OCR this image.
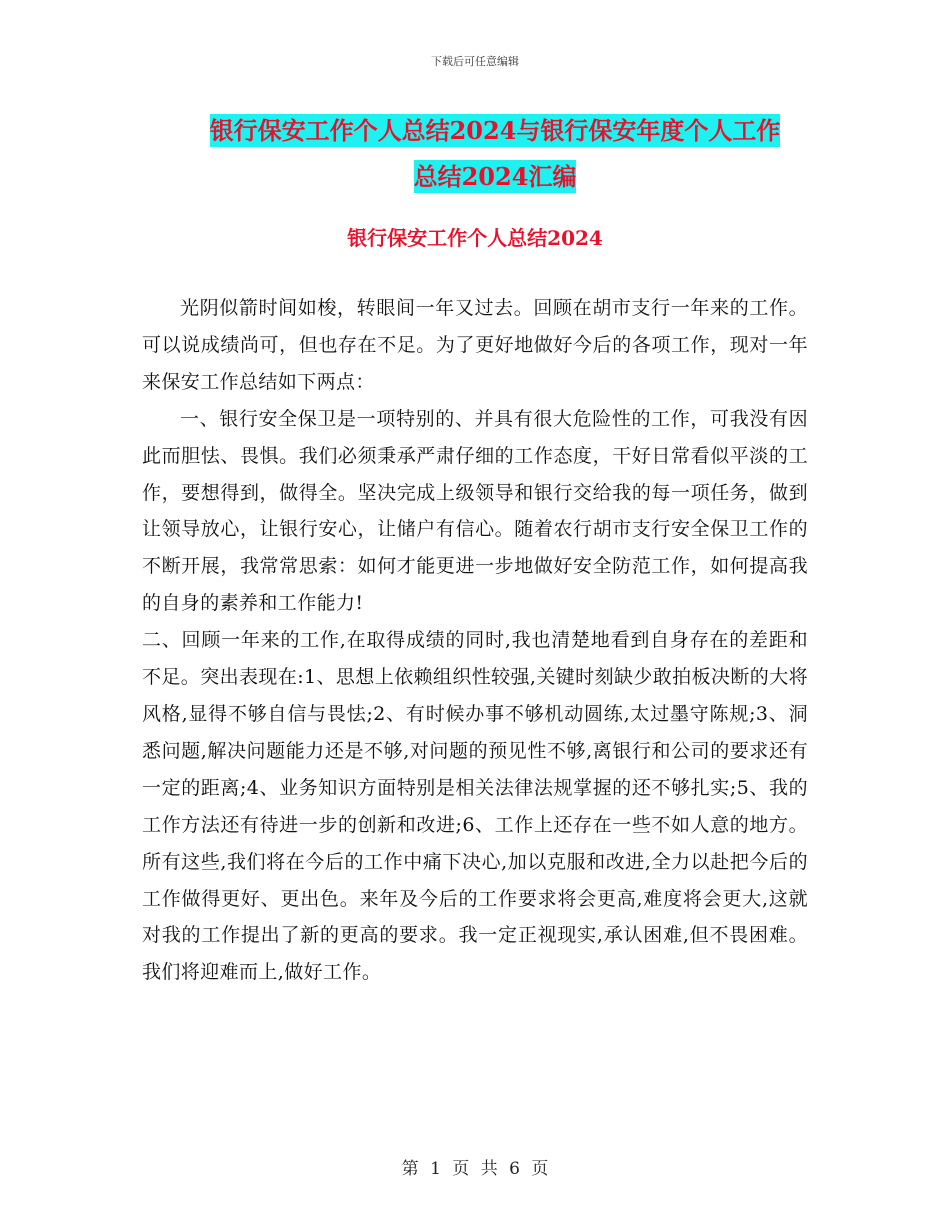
下载后可任意编辑
银行保安工作个人总结2024与银行保安年度个人工作
总结2024汇编
银行保安工作个人总结2024

光阴似箭时间如梭，转眼间一年又过去。回顾在胡市支行一年来的工作。可以说成绩尚可，但也存在不足。为了更好地做好今后的各项工作，现对一年来保安工作总结如下两点：

一、银行安全保卫是一项特别的、并具有很大危险性的工作，可我没有因此而胆怯、畏惧。我们必须秉承严肃仔细的工作态度，干好日常看似平淡的工作，要想得到，做得全。坚决完成上级领导和银行交给我的每一项任务，做到让领导放心，让银行安心，让储户有信心。随着农行胡市支行安全保卫工作的不断开展，我常常思索：如何才能更进一步地做好安全防范工作，如何提高我的自身的素养和工作能力!

二、回顾一年来的工作,在取得成绩的同时,我也清楚地看到自身存在的差距和不足。突出表现在:1、思想上依赖组织性较强,关键时刻缺少敢拍板决断的大将风格,显得不够自信与畏怯;2、有时候办事不够机动圆练,太过墨守陈规;3、洞悉问题,解决问题能力还是不够,对问题的预见性不够,离银行和公司的要求还有一定的距离;4、业务知识方面特别是相关法律法规掌握的还不够扎实;5、我的工作方法还有待进一步的创新和改进;6、工作上还存在一些不如人意的地方。所有这些,我们将在今后的工作中痛下决心,加以克服和改进,全力以赴把今后的工作做得更好、更出色。来年及今后的工作要求将会更高,难度将会更大,这就对我的工作提出了新的更高的要求。我一定正视现实,承认困难,但不畏困难。我们将迎难而上,做好工作。

第 1 页 共 6 页
